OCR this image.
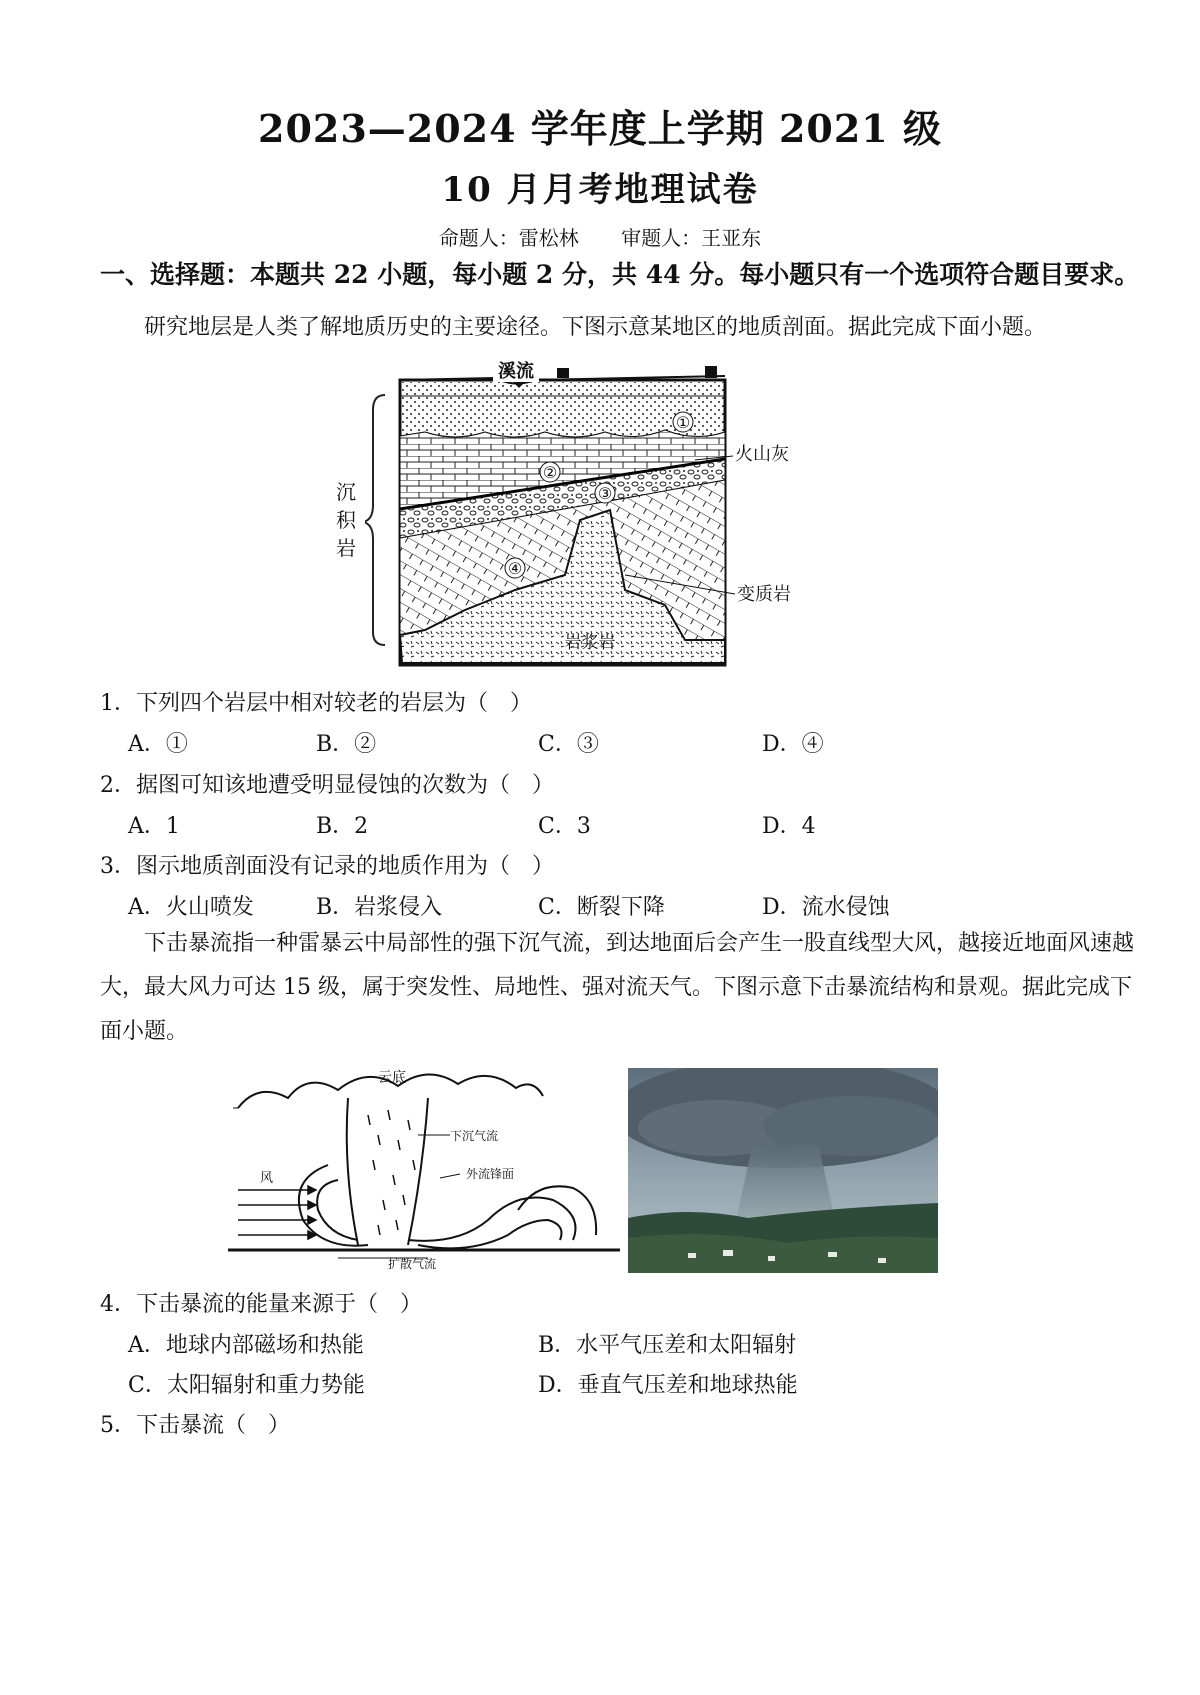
2023—2024 学年度上学期 2021 级
10 月月考地理试卷
命题人：雷松林 审题人：王亚东
一、选择题：本题共 22 小题，每小题 2 分，共 44 分。每小题只有一个选项符合题目要求。
研究地层是人类了解地质历史的主要途径。下图示意某地区的地质剖面。据此完成下面小题。
①
②
③
④
溪流
火山灰
变质岩
岩浆岩
沉积岩
1．下列四个岩层中相对较老的岩层为（　）
A．①	B．②	C．③	D．④
2．据图可知该地遭受明显侵蚀的次数为（　）
A．1	B．2	C．3	D．4
3．图示地质剖面没有记录的地质作用为（　）
A．火山喷发	B．岩浆侵入	C．断裂下降	D．流水侵蚀
下击暴流指一种雷暴云中局部性的强下沉气流，到达地面后会产生一股直线型大风，越接近地面风速越大，最大风力可达 15 级，属于突发性、局地性、强对流天气。下图示意下击暴流结构和景观。据此完成下面小题。
云底
风
下沉气流
外流锋面
扩散气流
4．下击暴流的能量来源于（　）
A．地球内部磁场和热能	B．水平气压差和太阳辐射
C．太阳辐射和重力势能	D．垂直气压差和地球热能
5．下击暴流（　）
